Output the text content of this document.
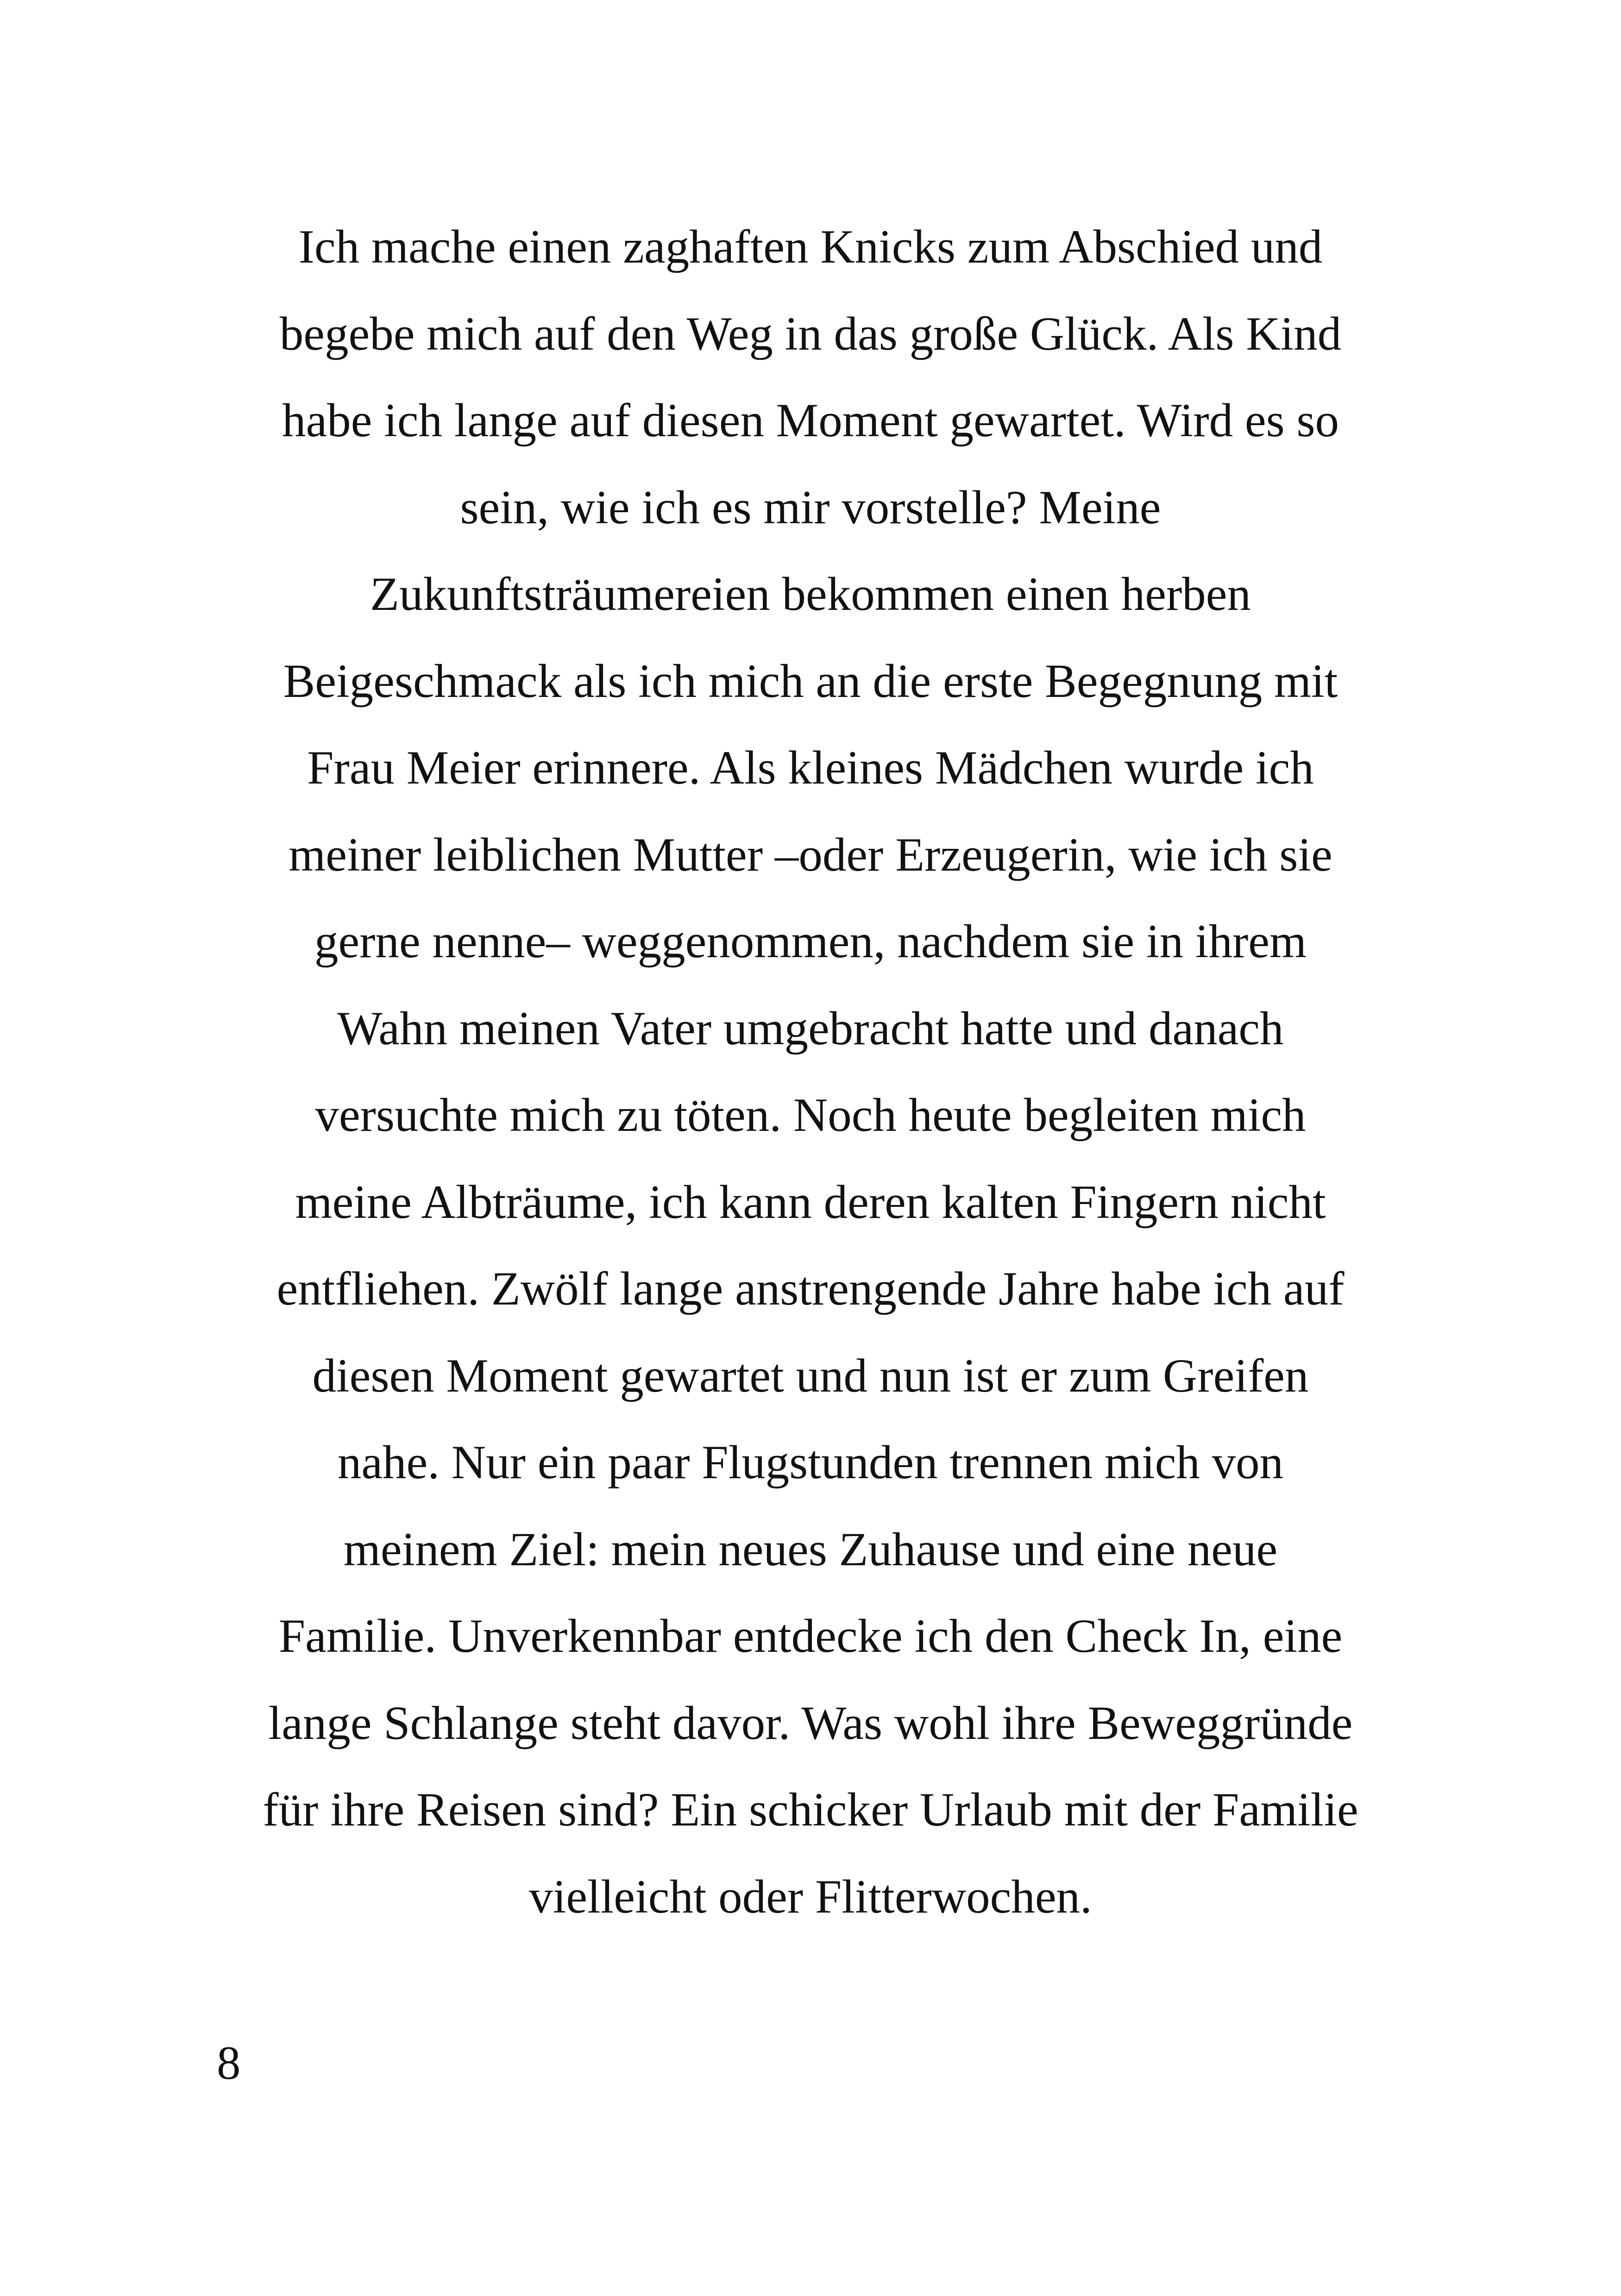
Ich mache einen zaghaften Knicks zum Abschied und
begebe mich auf den Weg in das große Glück. Als Kind
habe ich lange auf diesen Moment gewartet. Wird es so
sein, wie ich es mir vorstelle? Meine
Zukunftsträumereien bekommen einen herben
Beigeschmack als ich mich an die erste Begegnung mit
Frau Meier erinnere. Als kleines Mädchen wurde ich
meiner leiblichen Mutter –oder Erzeugerin, wie ich sie
gerne nenne– weggenommen, nachdem sie in ihrem
Wahn meinen Vater umgebracht hatte und danach
versuchte mich zu töten. Noch heute begleiten mich
meine Albträume, ich kann deren kalten Fingern nicht
entfliehen. Zwölf lange anstrengende Jahre habe ich auf
diesen Moment gewartet und nun ist er zum Greifen
nahe. Nur ein paar Flugstunden trennen mich von
meinem Ziel: mein neues Zuhause und eine neue
Familie. Unverkennbar entdecke ich den Check In, eine
lange Schlange steht davor. Was wohl ihre Beweggründe
für ihre Reisen sind? Ein schicker Urlaub mit der Familie
vielleicht oder Flitterwochen.
8
